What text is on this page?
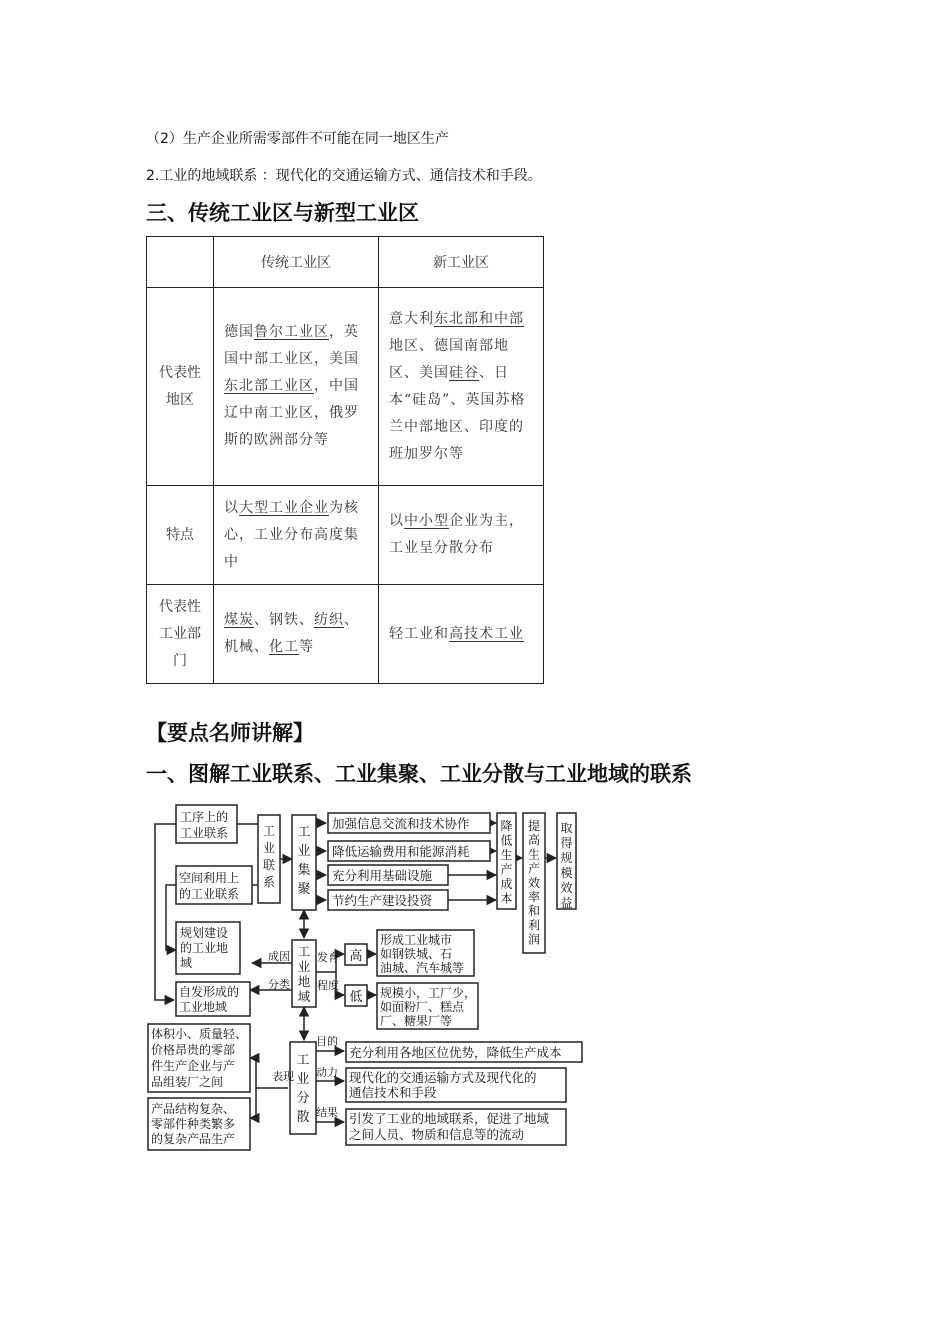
（2）生产企业所需零部件不可能在同一地区生产
2.工业的地域联系 ：现代化的交通运输方式、通信技术和手段。
三、传统工业区与新型工业区
	传统工业区	新工业区

代表性地区	德国鲁尔工业区，英国中部工业区，美国东北部工业区，中国辽中南工业区，俄罗斯的欧洲部分等	意大利东北部和中部地区、德国南部地区、美国硅谷、日本“硅岛”、英国苏格兰中部地区、印度的班加罗尔等

特点	以大型工业企业为核心，工业分布高度集中	以中小型企业为主，工业呈分散分布

代表性工业部门	煤炭、钢铁、纺织、机械、化工等	轻工业和高技术工业
【要点名师讲解】
一、图解工业联系、工业集聚、工业分散与工业地域的联系
工序上的
工业联系
空间利用上
的工业联系
规划建设
的工业地
域
自发形成的
工业地域
工业联系
工业集聚
加强信息交流和技术协作
降低运输费用和能源消耗
充分利用基础设施
节约生产建设投资
降低生产成本
提高生产效率和利润
取得规模效益
工业地域
成因
分类
发育
程度
高
低
形成工业城市
如钢铁城、石
油城、汽车城等
规模小，工厂少，
如面粉厂、糕点
厂、糖果厂等
工业分散
表现
体积小、质量轻、
价格昂贵的零部
件生产企业与产
品组装厂之间
产品结构复杂、
零部件种类繁多
的复杂产品生产
目的
动力
结果
充分利用各地区位优势，降低生产成本
现代化的交通运输方式及现代化的
通信技术和手段
引发了工业的地域联系，促进了地域
之间人员、物质和信息等的流动
